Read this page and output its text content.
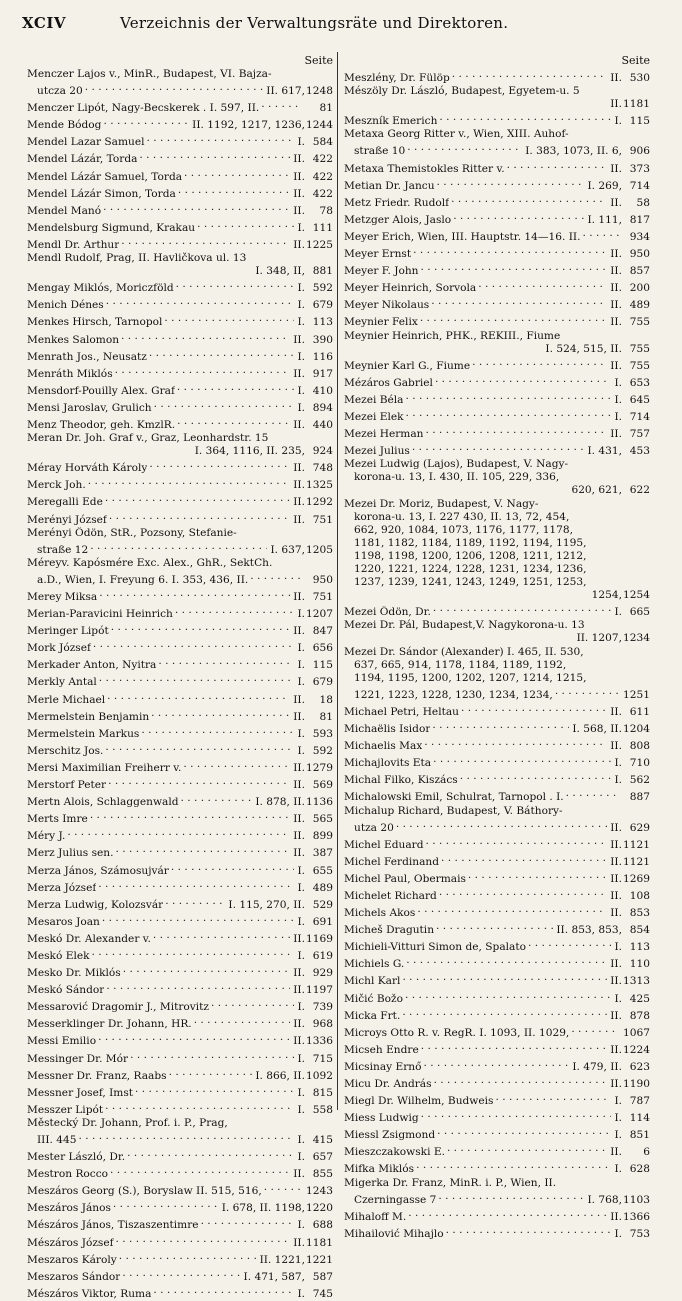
XCIV	Verzeichnis der Verwaltungsräte und Direktoren.
Seite
Menczer Lajos v., MinR., Budapest, VI. Bajza-
utcza 20 . . .	II. 617, 1248
Menczer Lipót, Nagy-Becskerek . I. 597, II. . . .	81
Mende Bódog . . .	II. 1192, 1217, 1236, 1244
Mendel Lazar Samuel . . .	I. 584
Mendel Lázár, Torda . . .	II. 422
Mendel Lázár Samuel, Torda . . .	II. 422
Mendel Lázár Simon, Torda . . .	II. 422
Mendel Manó . . .	II.	78
Mendelsburg Sigmund, Krakau . . .	I. 111
Mendl Dr. Arthur . . .	II. 1225
Mendl Rudolf, Prag, II. Havličkova ul. 13
I. 348, II, 881
Mengay Miklós, Moriczföld . . .	I. 592
Menich Dénes . . .	I. 679
Menkes Hirsch, Tarnopol . . .	I. 113
Menkes Salomon . . .	II. 390
Menrath Jos., Neusatz . . .	I. 116
Menráth Miklós . . .	II. 917
Mensdorf-Pouilly Alex. Graf . . .	I. 410
Mensi Jaroslav, Grulich . . .	I. 894
Menz Theodor, geh. KmzlR. . . .	II. 440
Meran Dr. Joh. Graf v., Graz, Leonhardstr. 15
I. 364, 1116, II. 235, 924
Méray Horváth Károly . . .	II. 748
Merck Joh. . . .	II. 1325
Meregalli Ede . . .	II. 1292
Merényi József . . .	II. 751
Merényi Ödön, StR., Pozsony, Stefanie-
straße 12 . . .	I. 637, 1205
Méreyv. Kapósmére Exc. Alex., GhR., SektCh.
a.D., Wien, I. Freyung 6. I. 353, 436, II. . . .	950
Merey Miksa . . .	II. 751
Merian-Paravicini Heinrich . . .	I. 1207
Meringer Lipót . . .	II. 847
Mork József . . .	I. 656
Merkader Anton, Nyitra . . .	I. 115
Merkly Antal . . .	I. 679
Merle Michael . . .	II.	18
Mermelstein Benjamin . . .	II.	81
Mermelstein Markus . . .	I. 593
Merschitz Jos. . . .	I. 592
Mersi Maximilian Freiherr v. . . .	II. 1279
Merstorf Peter . . .	II. 569
Mertn Alois, Schlaggenwald . . .	I. 878, II. 1136
Merts Imre . . .	II. 565
Méry J. . . .	II. 899
Merz Julius sen. . . .	II. 387
Merza János, Számosujvár . . .	I. 655
Merza József . . .	I. 489
Merza Ludwig, Kolozsvár . . .	I. 115, 270, II. 529
Mesaros Joan . . .	I. 691
Meskó Dr. Alexander v. . . .	II. 1169
Meskó Elek . . .	I. 619
Mesko Dr. Miklós . . .	II. 929
Meskó Sándor . . .	II. 1197
Messarović Dragomir J., Mitrovitz . . .	I. 739
Messerklinger Dr. Johann, HR. . . .	II. 968
Messi Emilio . . .	II. 1336
Messinger Dr. Mór . . .	I. 715
Messner Dr. Franz, Raabs . . .	I. 866, II. 1092
Messner Josef, Imst . . .	I. 815
Messzer Lipót . . .	I. 558
Městecký Dr. Johann, Prof. i. P., Prag,
III. 445 . . .	I. 415
Mester László, Dr. . . .	I. 657
Mestron Rocco . . .	II. 855
Meszáros Georg (S.), Boryslaw II. 515, 516, . . .	1243
Meszáros János . . .	I. 678, II. 1198, 1220
Mészáros János, Tiszaszentimre . . .	I. 688
Mészáros József . . .	II. 1181
Meszaros Károly . . .	II. 1221, 1221
Meszaros Sándor . . .	I. 471, 587, 587
Mészáros Viktor, Ruma . . .	I. 745
Seite
Meszlény, Dr. Fülöp . . .	II. 530
Mészöly Dr. László, Budapest, Egyetem-u. 5
II. 1181
Meszník Emerich . . .	I. 115
Metaxa Georg Ritter v., Wien, XIII. Auhof-
straße 10 . . .	I. 383, 1073, II. 6, 906
Metaxa Themistokles Ritter v. . . .	II. 373
Metian Dr. Jancu . . .	I. 269, 714
Metz Friedr. Rudolf . . .	II.	58
Metzger Alois, Jaslo . . .	I. 111, 817
Meyer Erich, Wien, III. Hauptstr. 14—16. II. . . .	934
Meyer Ernst . . .	II. 950
Meyer F. John . . .	II. 857
Meyer Heinrich, Sorvola . . .	II. 200
Meyer Nikolaus . . .	II. 489
Meynier Felix . . .	II. 755
Meynier Heinrich, PHK., REKIII., Fiume
I. 524, 515, II. 755
Meynier Karl G., Fiume . . .	II. 755
Mézáros Gabriel . . .	I. 653
Mezei Béla . . .	I. 645
Mezei Elek . . .	I. 714
Mezei Herman . . .	II. 757
Mezei Julius . . .	I. 431, 453
Mezei Ludwig (Lajos), Budapest, V. Nagy-
korona-u. 13, I. 430, II. 105, 229, 336,
620, 621, 622
Mezei Dr. Moriz, Budapest, V. Nagy-
korona-u. 13, I. 227 430, II. 13, 72, 454,
662, 920, 1084, 1073, 1176, 1177, 1178,
1181, 1182, 1184, 1189, 1192, 1194, 1195,
1198, 1198, 1200, 1206, 1208, 1211, 1212,
1220, 1221, 1224, 1228, 1231, 1234, 1236,
1237, 1239, 1241, 1243, 1249, 1251, 1253,
1254, 1254
Mezei Ödön, Dr. . . .	I. 665
Mezei Dr. Pál, Budapest,V. Nagykorona-u. 13
II. 1207, 1234
Mezei Dr. Sándor (Alexander) I. 465, II. 530,
637, 665, 914, 1178, 1184, 1189, 1192,
1194, 1195, 1200, 1202, 1207, 1214, 1215,
1221, 1223, 1228, 1230, 1234, 1234, . . .	1251
Michael Petri, Heltau . . .	II. 611
Michaëlis Isidor . . .	I. 568, II. 1204
Michaelis Max . . .	II. 808
Michajlovits Eta . . .	I. 710
Michal Filko, Kiszács . . .	I. 562
Michalowski Emil, Schulrat, Tarnopol . I. . . .	887
Michalup Richard, Budapest, V. Báthory-
utza 20 . . .	II. 629
Michel Eduard . . .	II. 1121
Michel Ferdinand . . .	II. 1121
Michel Paul, Obermais . . .	II. 1269
Michelet Richard . . .	II. 108
Michels Akos . . .	II. 853
Micheš Dragutin . . .	II. 853, 853, 854
Michieli-Vitturi Simon de, Spalato . . .	I. 113
Michiels G. . . .	II. 110
Michl Karl . . .	II. 1313
Mičić Božo . . .	I. 425
Micka Frt. . . .	II. 878
Microys Otto R. v. RegR. I. 1093, II. 1029, . . .	1067
Micseh Endre . . .	II. 1224
Micsinay Ernő . . .	I. 479, II. 623
Micu Dr. András . . .	II. 1190
Miegl Dr. Wilhelm, Budweis . . .	I. 787
Miess Ludwig . . .	I. 114
Miessl Zsigmond . . .	I. 851
Mieszczakowski E. . . .	II.	6
Mifka Miklós . . .	I. 628
Migerka Dr. Franz, MinR. i. P., Wien, II.
Czerningasse 7 . . .	I. 768, 1103
Mihaloff M. . . .	II. 1366
Mihailović Mihajlo . . .	I. 753
